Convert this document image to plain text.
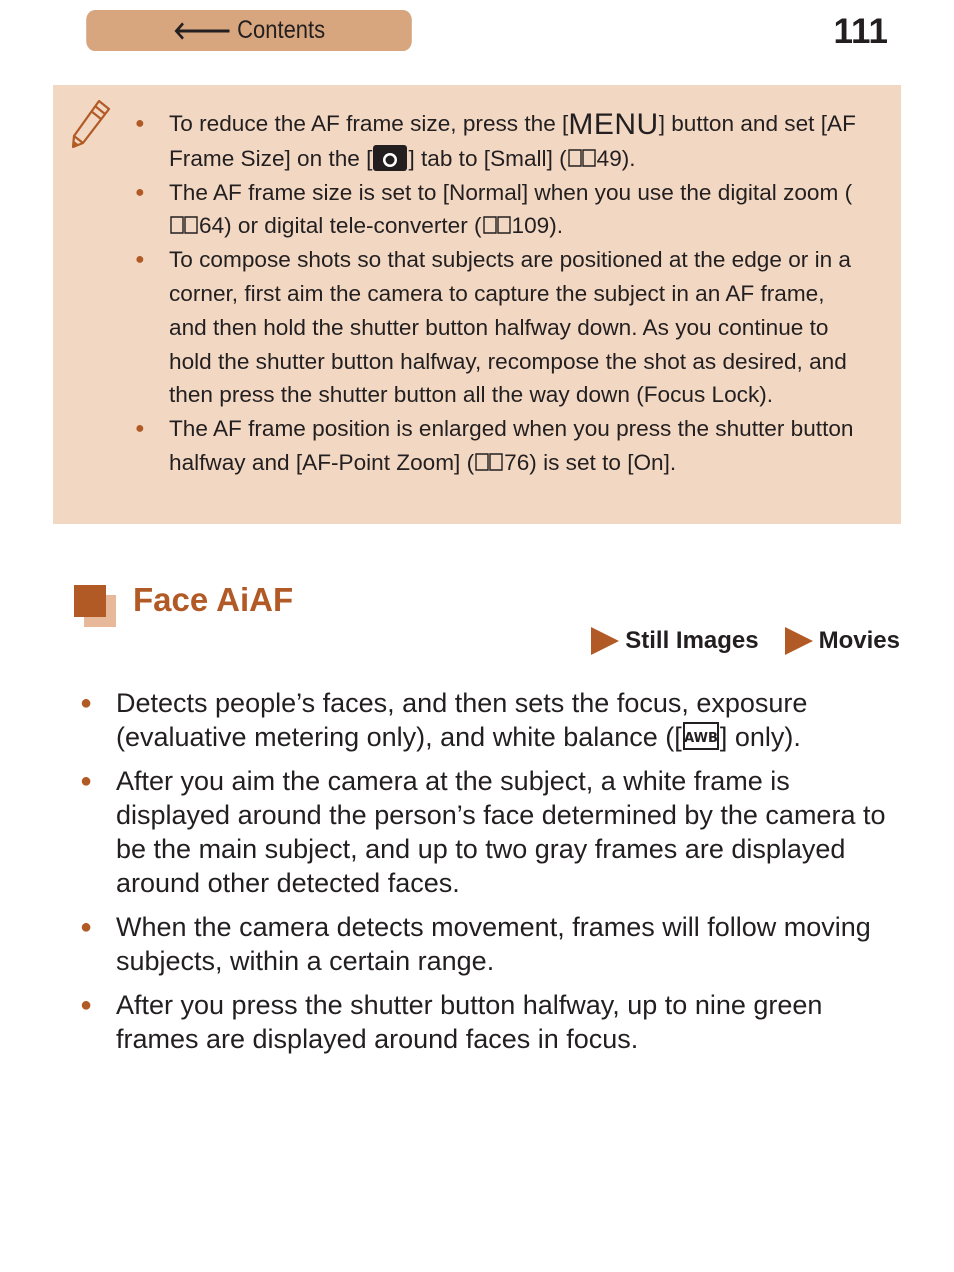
🡐 Contents	111
● To reduce the AF frame size, press the [MENU] button and set [AF Frame Size] on the [ ] tab to [Small] ( 49).
● The AF frame size is set to [Normal] when you use the digital zoom (64) or digital tele-converter ( 109).
● To compose shots so that subjects are positioned at the edge or in a corner, first aim the camera to capture the subject in an AF frame, and then hold the shutter button halfway down. As you continue to hold the shutter button halfway, recompose the shot as desired, and then press the shutter button all the way down (Focus Lock).
● The AF frame position is enlarged when you press the shutter button halfway and [AF-Point Zoom] ( 76) is set to [On].
Face AiAF
Still Images	Movies
● Detects people’s faces, and then sets the focus, exposure (evaluative metering only), and white balance ([ AWB ] only).
● After you aim the camera at the subject, a white frame is displayed around the person’s face determined by the camera to be the main subject, and up to two gray frames are displayed around other detected faces.
● When the camera detects movement, frames will follow moving subjects, within a certain range.
● After you press the shutter button halfway, up to nine green frames are displayed around faces in focus.
